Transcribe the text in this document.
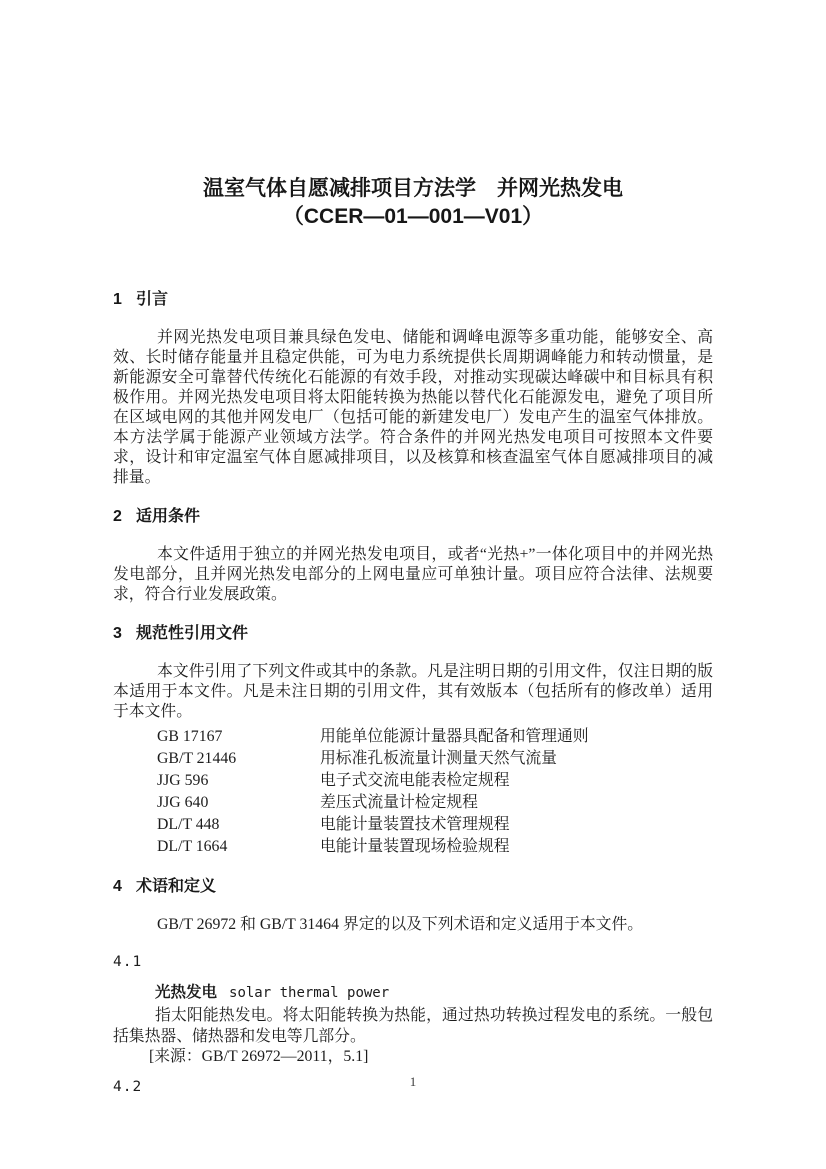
温室气体自愿减排项目方法学　并网光热发电
（CCER—01—001—V01）
1 引言

并网光热发电项目兼具绿色发电、储能和调峰电源等多重功能，能够安全、高效、长时储存能量并且稳定供能，可为电力系统提供长周期调峰能力和转动惯量，是新能源安全可靠替代传统化石能源的有效手段，对推动实现碳达峰碳中和目标具有积极作用。并网光热发电项目将太阳能转换为热能以替代化石能源发电，避免了项目所在区域电网的其他并网发电厂（包括可能的新建发电厂）发电产生的温室气体排放。本方法学属于能源产业领域方法学。符合条件的并网光热发电项目可按照本文件要求，设计和审定温室气体自愿减排项目，以及核算和核查温室气体自愿减排项目的减排量。

2 适用条件

本文件适用于独立的并网光热发电项目，或者“光热+”一体化项目中的并网光热发电部分，且并网光热发电部分的上网电量应可单独计量。项目应符合法律、法规要求，符合行业发展政策。

3 规范性引用文件

本文件引用了下列文件或其中的条款。凡是注明日期的引用文件，仅注日期的版本适用于本文件。凡是未注日期的引用文件，其有效版本（包括所有的修改单）适用于本文件。

GB 17167	用能单位能源计量器具配备和管理通则
GB/T 21446	用标准孔板流量计测量天然气流量
JJG 596	电子式交流电能表检定规程
JJG 640	差压式流量计检定规程
DL/T 448	电能计量装置技术管理规程
DL/T 1664	电能计量装置现场检验规程
4 术语和定义

GB/T 26972 和 GB/T 31464 界定的以及下列术语和定义适用于本文件。

4.1
光热发电 solar thermal power

指太阳能热发电。将太阳能转换为热能，通过热功转换过程发电的系统。一般包括集热器、储热器和发电等几部分。

[来源：GB/T 26972—2011，5.1]
4.2	1
